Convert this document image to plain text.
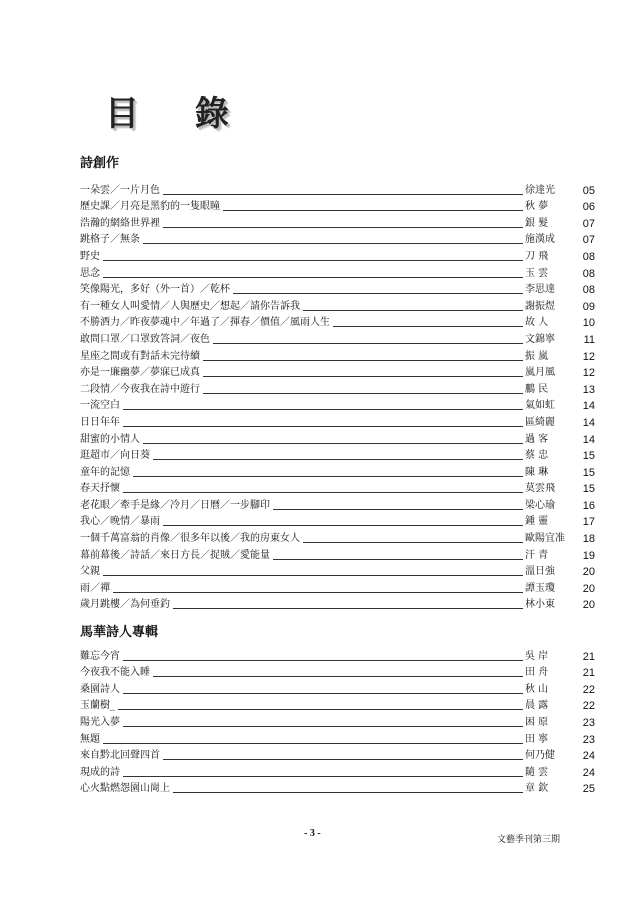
目 錄
詩創作
一朵雲／一片月色	徐達光	05
歷史課／月亮是黑豹的一隻眼瞳	秋 夢	06
浩瀚的網絡世界裡	銀 髮	07
跳格子／無条	施漢成	07
野史	刀 飛	08
思念	玉 雲	08
笑像陽光，多好（外一首）／乾杯	李思達	08
有一種女人叫愛情／人與歷史／想起／請你告訴我	謝振煜	09
不勝酒力／昨夜夢魂中／年過了／揮春／價值／風雨人生	故 人	10
敢問口罩／口罩致答詞／夜色	文錦寧	11
星座之間或有對話未完待續	振 嵐	12
亦是一廉幽夢／夢寐已成真	嵐月風	12
二段情／今夜我在詩中遊行	鵬 民	13
一流空白	氣如虹	14
日日年年	區綺麗	14
甜蜜的小情人	過 客	14
逛超市／向日葵	蔡 忠	15
童年的記憶	陳 琳	15
春天抒懷	莫雲飛	15
老花眼／牽手是緣／冷月／日曆／一步腳印	梁心瑜	16
我心／晚情／暴雨	鍾 靈	17
一個千萬富翁的肖像／很多年以後／我的房東女人	歐陽宜准	18
幕前幕後／詩話／來日方長／捉賊／愛能量	汗 青	19
父親	溫日強	20
雨／禪	譚玉瓊	20
歲月跳樓／為何垂釣	林小東	20
馬華詩人專輯
難忘今宵	吳 岸	21
今夜我不能入睡	田 舟	21
桑園詩人	秋 山	22
玉蘭樹_	晨 露	22
陽光入夢	困 原	23
無題	田 寧	23
來自黔北回聲四首	何乃健	24
現成的詩	隨 雲	24
心火點燃怨園山崗上	章 欽	25
- 3 -
文藝季刊第三期
